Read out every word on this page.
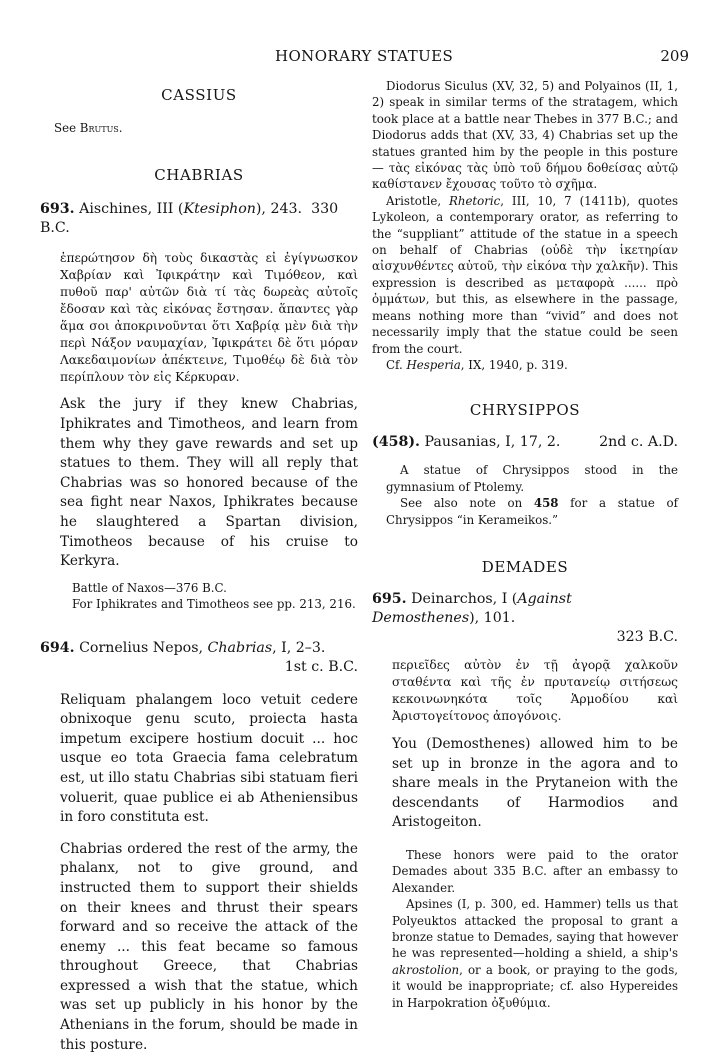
HONORARY STATUES	209
CASSIUS

See Brutus.

CHABRIAS

693. Aischines, III (Ktesiphon), 243. 330 B.C.

ἐπερώτησον δὴ τοὺς δικαστὰς εἰ ἐγίγνωσκον Χαβρίαν καὶ Ἰφικράτην καὶ Τιμόθεον, καὶ πυθοῦ παρ' αὐτῶν διὰ τί τὰς δωρεὰς αὐτοῖς ἔδοσαν καὶ τὰς εἰκόνας ἔστησαν. ἅπαντες γὰρ ἅμα σοι ἀποκρινοῦνται ὅτι Χαβρίᾳ μὲν διὰ τὴν περὶ Νάξον ναυμαχίαν, Ἰφικράτει δὲ ὅτι μόραν Λακεδαιμονίων ἀπέκτεινε, Τιμοθέῳ δὲ διὰ τὸν περίπλουν τὸν εἰς Κέρκυραν.

Ask the jury if they knew Chabrias, Iphikrates and Timotheos, and learn from them why they gave rewards and set up statues to them. They will all reply that Chabrias was so honored because of the sea fight near Naxos, Iphikrates because he slaughtered a Spartan division, Timotheos because of his cruise to Kerkyra.

Battle of Naxos—376 B.C.

For Iphikrates and Timotheos see pp. 213, 216.

694. Cornelius Nepos, Chabrias, I, 2–3.

1st c. B.C.

Reliquam phalangem loco vetuit cedere obnixoque genu scuto, proiecta hasta impetum excipere hostium docuit ... hoc usque eo tota Graecia fama celebratum est, ut illo statu Chabrias sibi statuam fieri voluerit, quae publice ei ab Atheniensibus in foro constituta est.

Chabrias ordered the rest of the army, the phalanx, not to give ground, and instructed them to support their shields on their knees and thrust their spears forward and so receive the attack of the enemy ... this feat became so famous throughout Greece, that Chabrias expressed a wish that the statue, which was set up publicly in his honor by the Athenians in the forum, should be made in this posture.

Diodorus Siculus (XV, 32, 5) and Polyainos (II, 1, 2) speak in similar terms of the stratagem, which took place at a battle near Thebes in 377 B.C.; and Diodorus adds that (XV, 33, 4) Chabrias set up the statues granted him by the people in this posture — τὰς εἰκόνας τὰς ὑπὸ τοῦ δήμου δοθείσας αὐτῷ καθίστανεν ἔχουσας τοῦτο τὸ σχῆμα.

Aristotle, Rhetoric, III, 10, 7 (1411b), quotes Lykoleon, a contemporary orator, as referring to the “suppliant” attitude of the statue in a speech on behalf of Chabrias (οὐδὲ τὴν ἱκετηρίαν αἰσχυνθέντες αὐτοῦ, τὴν εἰκόνα τὴν χαλκῆν). This expression is described as μεταφορὰ ...... πρὸ ὀμμάτων, but this, as elsewhere in the passage, means nothing more than “vivid” and does not necessarily imply that the statue could be seen from the court.

Cf. Hesperia, IX, 1940, p. 319.

CHRYSIPPOS

(458). Pausanias, I, 17, 2.	2nd c. A.D.

A statue of Chrysippos stood in the gymnasium of Ptolemy.

See also note on 458 for a statue of Chrysippos “in Kerameikos.”

DEMADES

695. Deinarchos, I (Against Demosthenes), 101.

323 B.C.

περιεῖδες αὐτὸν ἐν τῇ ἀγορᾷ χαλκοῦν σταθέντα καὶ τῆς ἐν πρυτανείῳ σιτήσεως κεκοινωνηκότα τοῖς Ἁρμοδίου καὶ Ἀριστογείτονος ἀπογόνοις.

You (Demosthenes) allowed him to be set up in bronze in the agora and to share meals in the Prytaneion with the descendants of Harmodios and Aristogeiton.

These honors were paid to the orator Demades about 335 B.C. after an embassy to Alexander.

Apsines (I, p. 300, ed. Hammer) tells us that Polyeuktos attacked the proposal to grant a bronze statue to Demades, saying that however he was represented—holding a shield, a ship's akrostolion, or a book, or praying to the gods, it would be inappropriate; cf. also Hypereides in Harpokration ὀξυθύμια.
